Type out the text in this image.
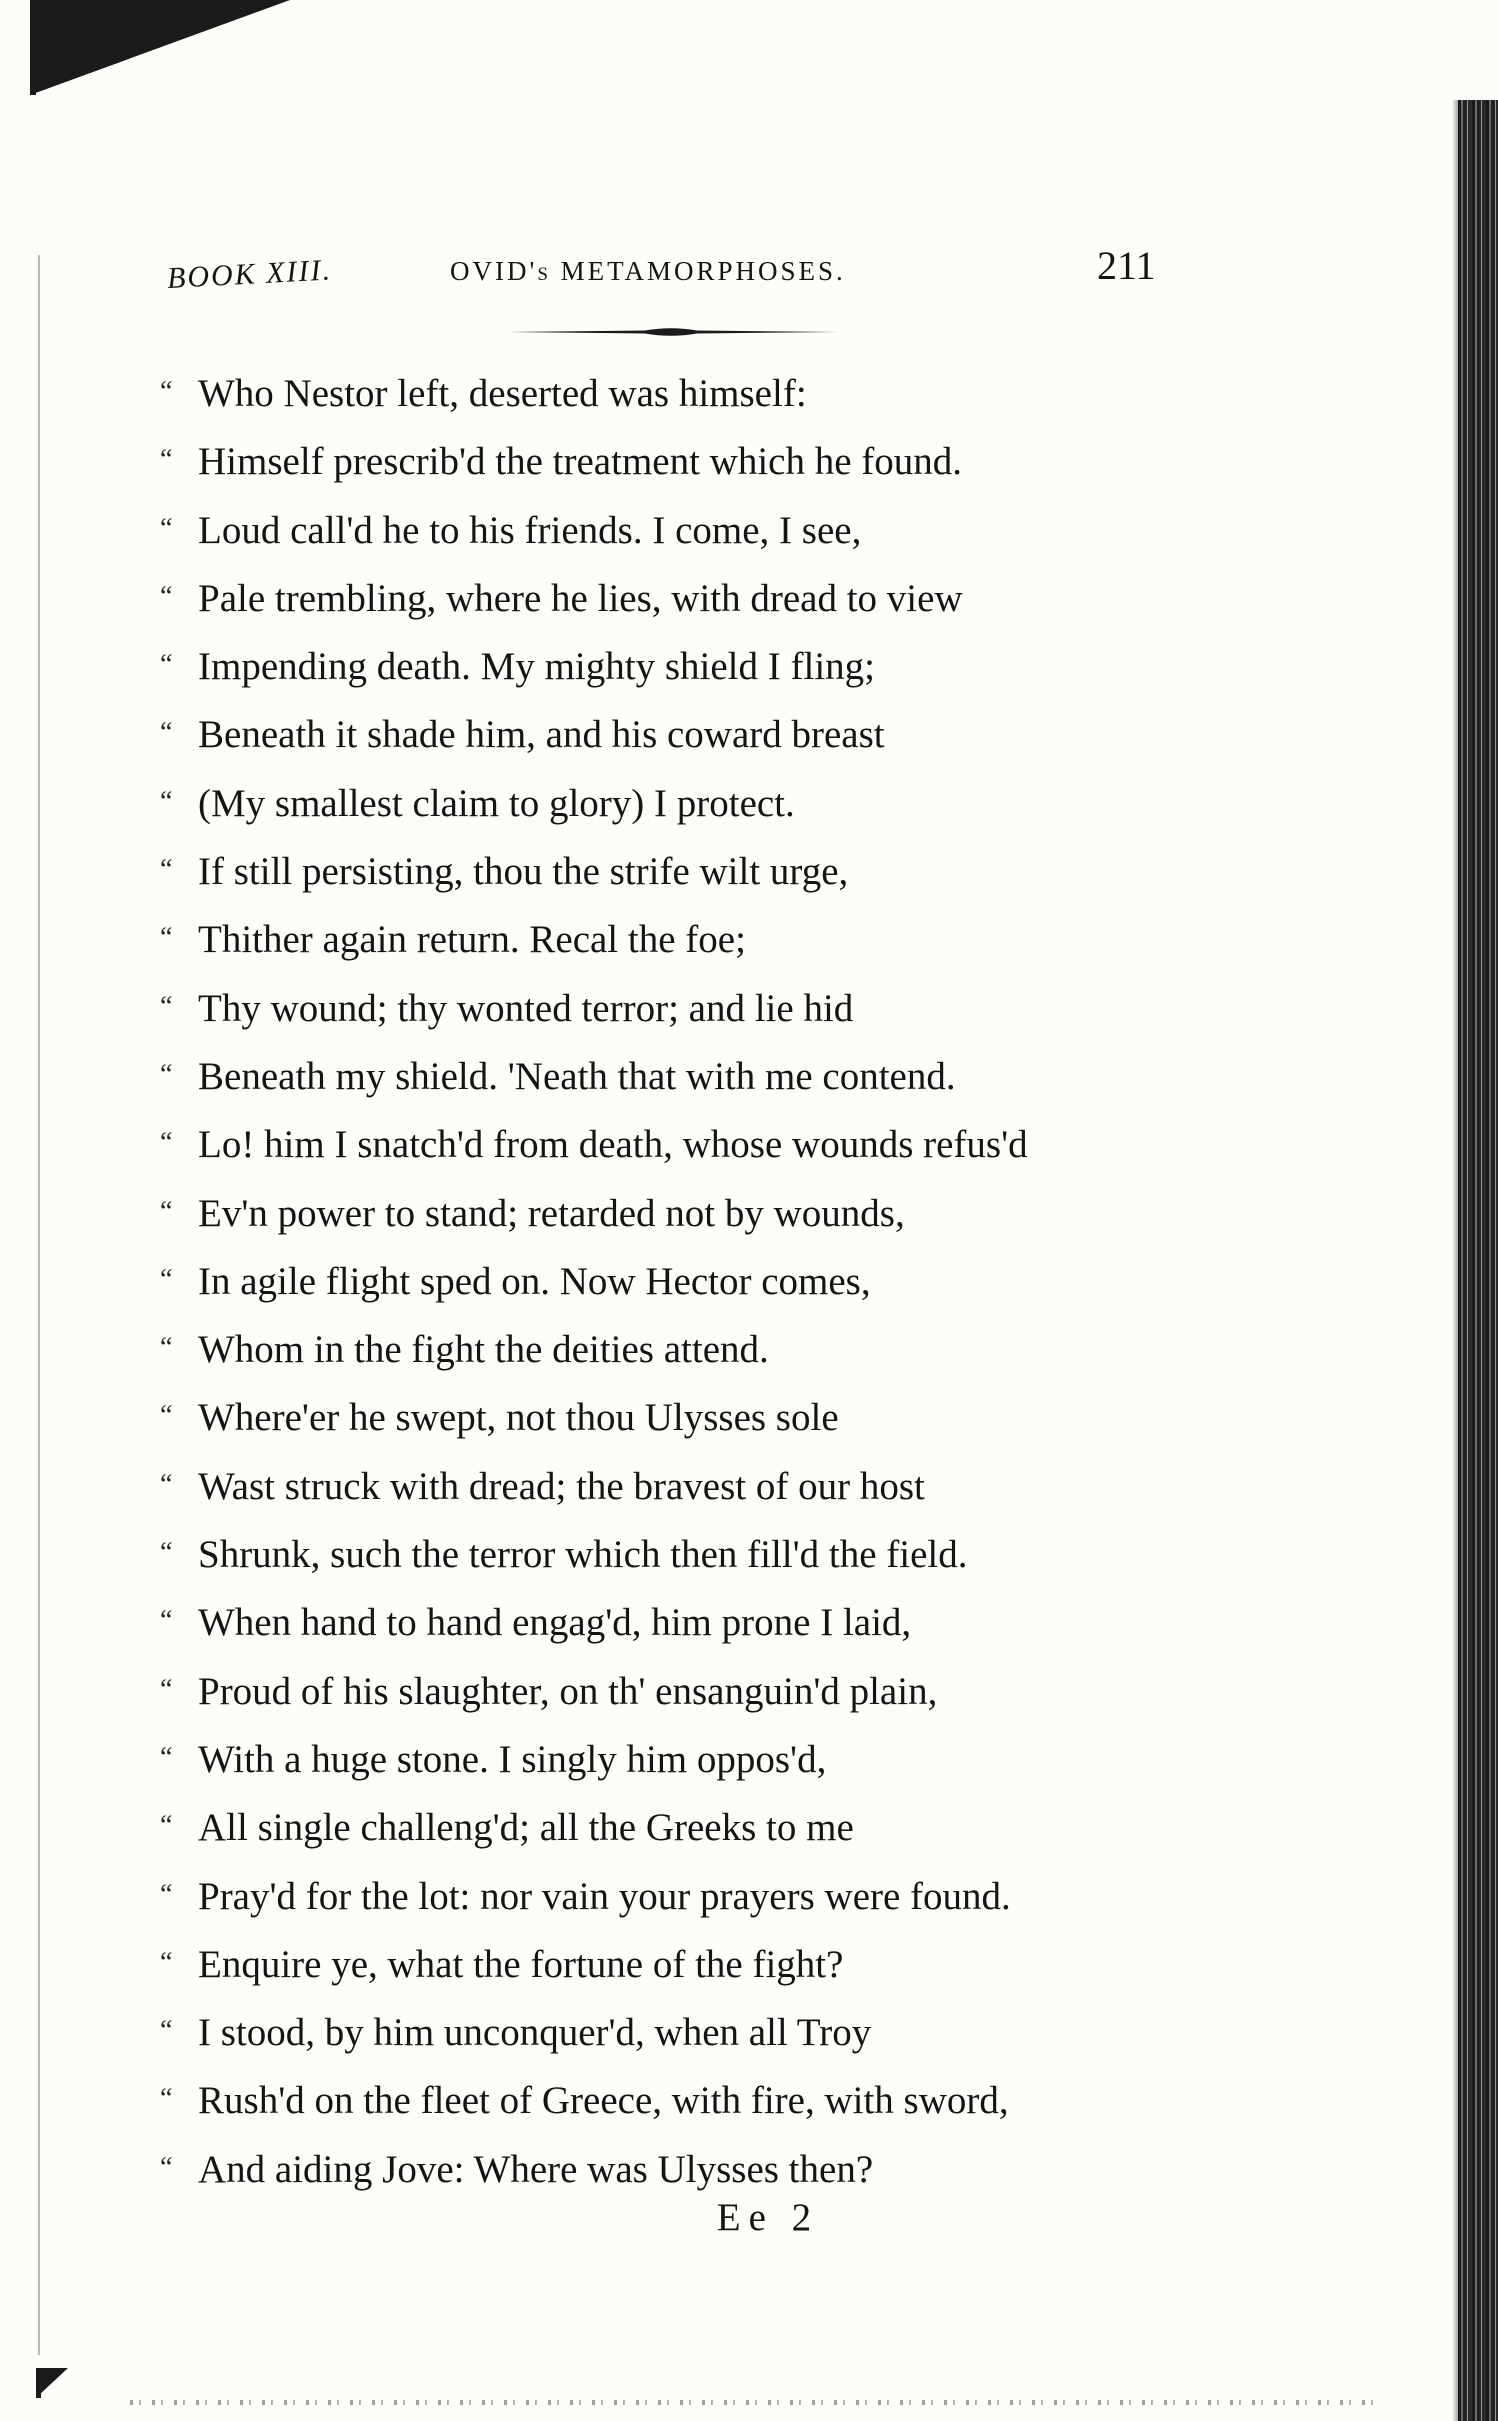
BOOK XIII.	OVID's METAMORPHOSES.	211
“ Who Nestor left, deserted was himself:
“ Himself prescrib'd the treatment which he found.
“ Loud call'd he to his friends. I come, I see,
“ Pale trembling, where he lies, with dread to view
“ Impending death. My mighty shield I fling;
“ Beneath it shade him, and his coward breast
“ (My smallest claim to glory) I protect.
“ If still persisting, thou the strife wilt urge,
“ Thither again return. Recal the foe;
“ Thy wound; thy wonted terror; and lie hid
“ Beneath my shield. 'Neath that with me contend.
“ Lo! him I snatch'd from death, whose wounds refus'd
“ Ev'n power to stand; retarded not by wounds,
“ In agile flight sped on. Now Hector comes,
“ Whom in the fight the deities attend.
“ Where'er he swept, not thou Ulysses sole
“ Wast struck with dread; the bravest of our host
“ Shrunk, such the terror which then fill'd the field.
“ When hand to hand engag'd, him prone I laid,
“ Proud of his slaughter, on th' ensanguin'd plain,
“ With a huge stone. I singly him oppos'd,
“ All single challeng'd; all the Greeks to me
“ Pray'd for the lot: nor vain your prayers were found.
“ Enquire ye, what the fortune of the fight?
“ I stood, by him unconquer'd, when all Troy
“ Rush'd on the fleet of Greece, with fire, with sword,
“ And aiding Jove: Where was Ulysses then?
Ee 2
